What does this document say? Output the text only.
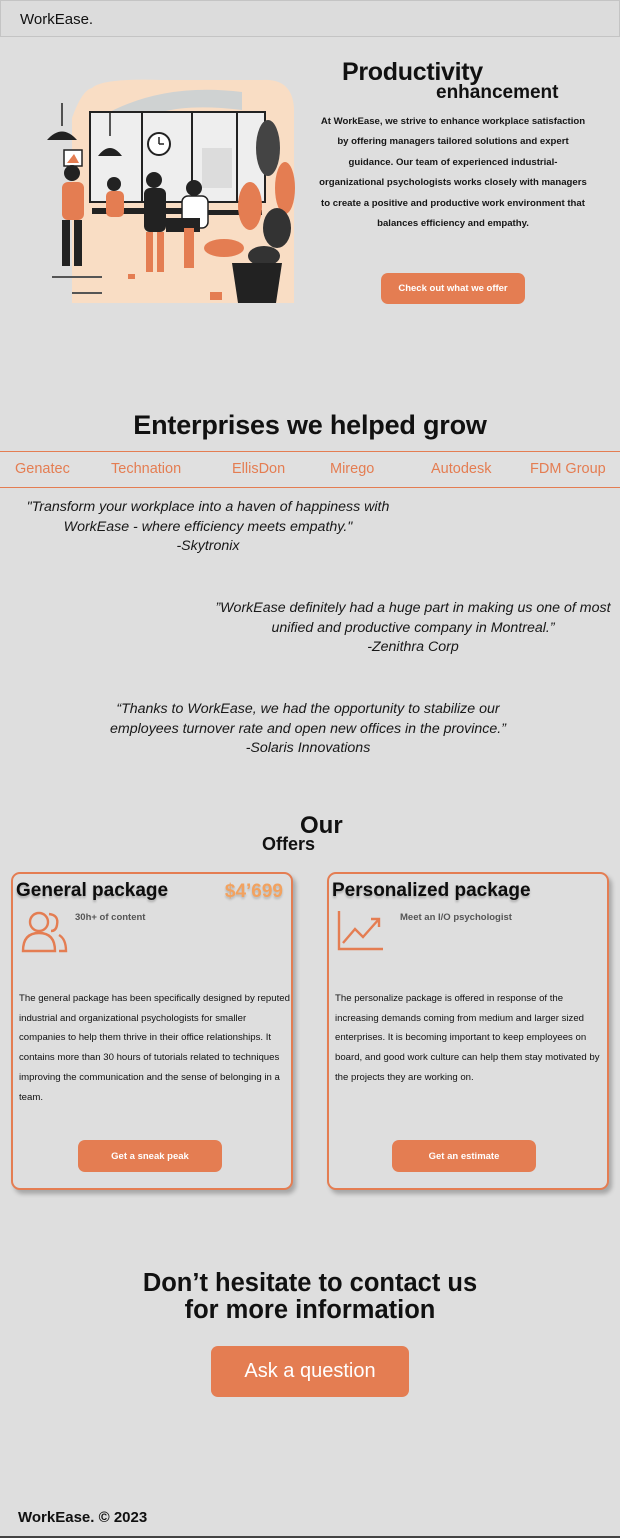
WorkEase.
Productivity
enhancement

At WorkEase, we strive to enhance workplace satisfaction by offering managers tailored solutions and expert guidance. Our team of experienced industrial-organizational psychologists works closely with managers to create a positive and productive work environment that balances efficiency and empathy.

Check out what we offer
Enterprises we helped grow
Genatec	Technation	EllisDon	Mirego	Autodesk	FDM Group
"Transform your workplace into a haven of happiness with WorkEase - where efficiency meets empathy."
-Skytronix
”WorkEase definitely had a huge part in making us one of most unified and productive company in Montreal.”
-Zenithra Corp
“Thanks to WorkEase, we had the opportunity to stabilize our employees turnover rate and open new offices in the province.”
-Solaris Innovations
Our
Offers
General package	$4’699
30h+ of content

The general package has been specifically designed by reputed industrial and organizational psychologists for smaller companies to help them thrive in their office relationships. It contains more than 30 hours of tutorials related to techniques improving the communication and the sense of belonging in a team.

Get a sneak peak
Personalized package
Meet an I/O psychologist

The personalize package is offered in response of the increasing demands coming from medium and larger sized enterprises. It is becoming important to keep employees on board, and good work culture can help them stay motivated by the projects they are working on.

Get an estimate
Don’t hesitate to contact us
for more information
Ask a question
WorkEase. © 2023
